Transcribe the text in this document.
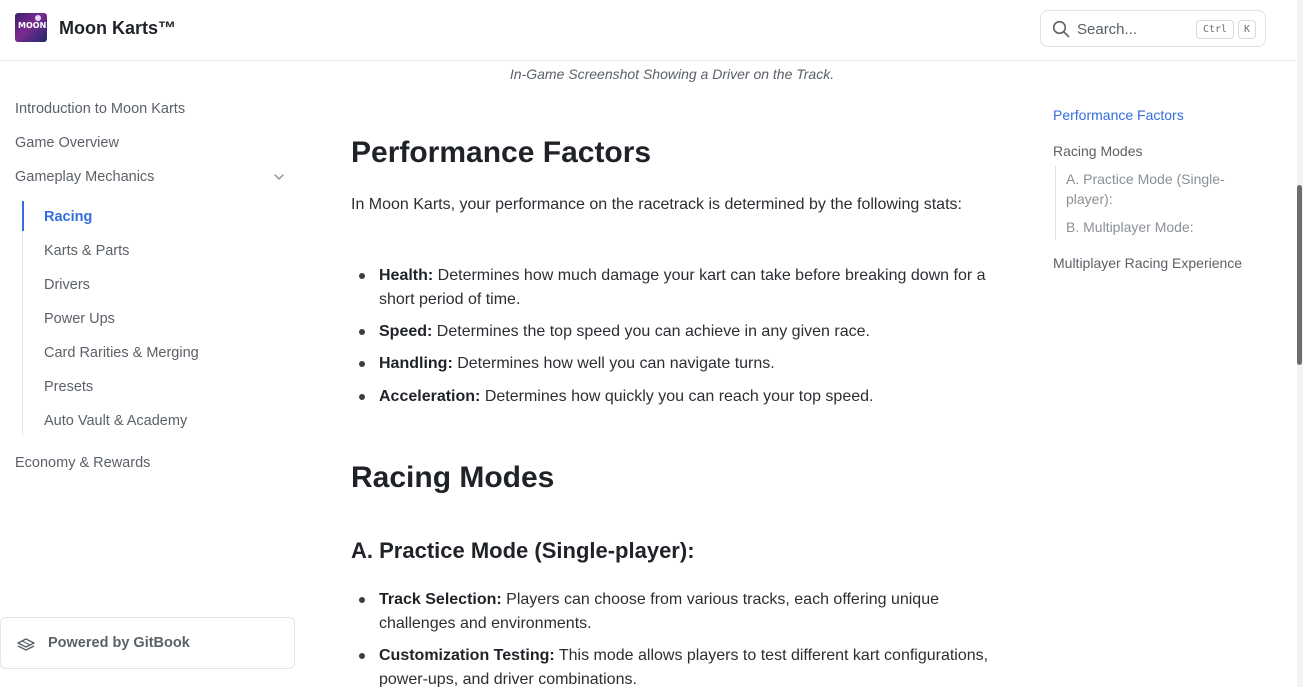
MOON Moon Karts™	Search...	Ctrl	K
Introduction to Moon Karts
Game Overview
Gameplay Mechanics
Racing
Karts & Parts
Drivers
Power Ups
Card Rarities & Merging
Presets
Auto Vault & Academy
Economy & Rewards
Powered by GitBook
In-Game Screenshot Showing a Driver on the Track.
Performance Factors
In Moon Karts, your performance on the racetrack is determined by the following stats:
Health: Determines how much damage your kart can take before breaking down for a short period of time.
Speed: Determines the top speed you can achieve in any given race.
Handling: Determines how well you can navigate turns.
Acceleration: Determines how quickly you can reach your top speed.
Racing Modes
A. Practice Mode (Single-player):
Track Selection: Players can choose from various tracks, each offering unique challenges and environments.
Customization Testing: This mode allows players to test different kart configurations, power-ups, and driver combinations.
Performance Factors
Racing Modes
A. Practice Mode (Single-player):
B. Multiplayer Mode:
Multiplayer Racing Experience
